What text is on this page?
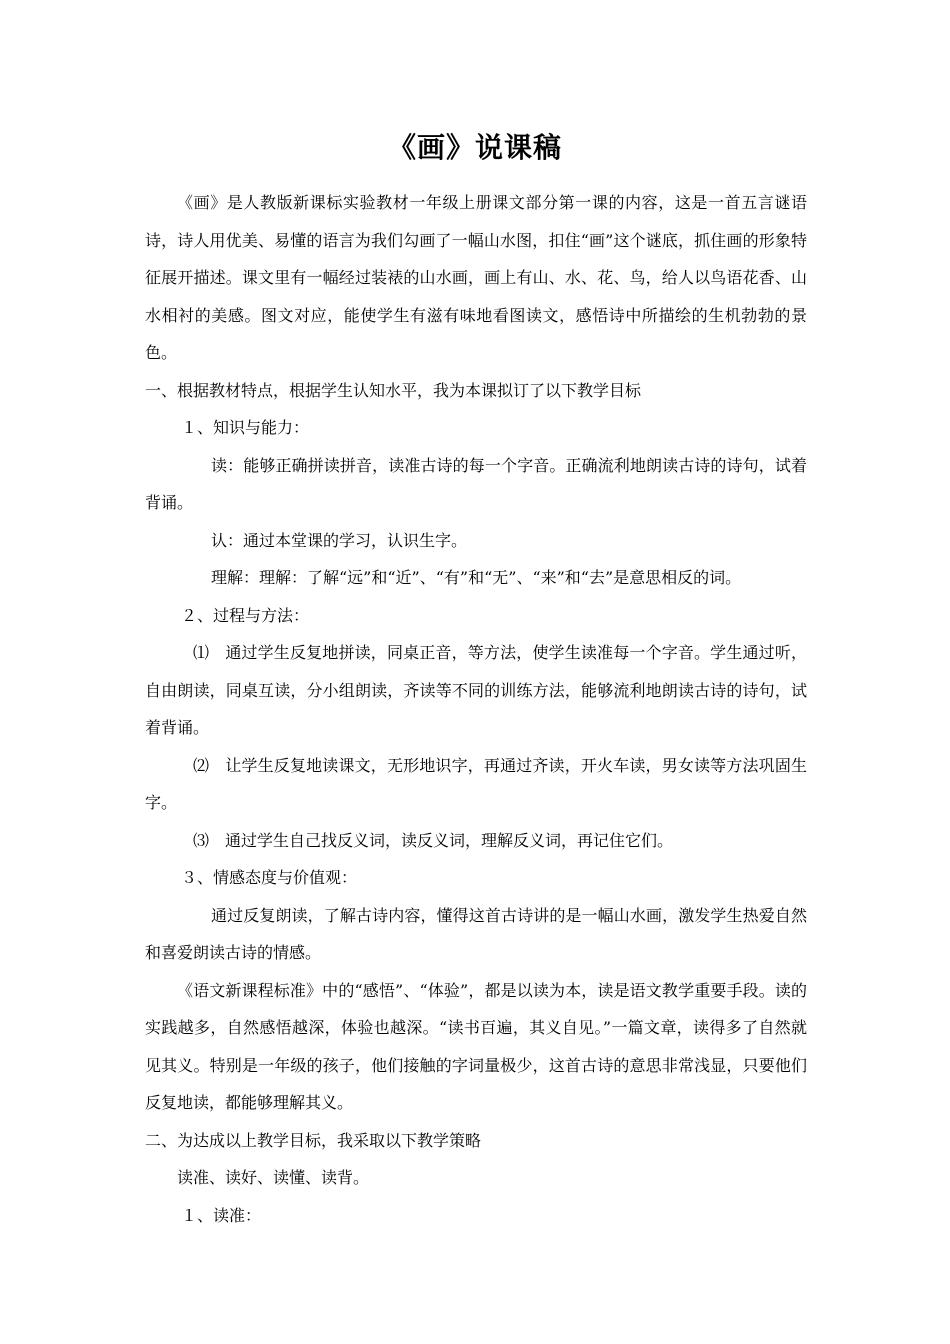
《画》说课稿

《画》是人教版新课标实验教材一年级上册课文部分第一课的内容，这是一首五言谜语诗，诗人用优美、易懂的语言为我们勾画了一幅山水图，扣住“画”这个谜底，抓住画的形象特征展开描述。课文里有一幅经过装裱的山水画，画上有山、水、花、鸟，给人以鸟语花香、山水相衬的美感。图文对应，能使学生有滋有味地看图读文，感悟诗中所描绘的生机勃勃的景色。

一、根据教材特点，根据学生认知水平，我为本课拟订了以下教学目标

１、知识与能力：

读：能够正确拼读拼音，读准古诗的每一个字音。正确流利地朗读古诗的诗句，试着背诵。

认：通过本堂课的学习，认识生字。

理解：理解：了解“远”和“近”、“有”和“无”、“来”和“去”是意思相反的词。

２、过程与方法：

⑴　通过学生反复地拼读，同桌正音，等方法，使学生读准每一个字音。学生通过听，自由朗读，同桌互读，分小组朗读，齐读等不同的训练方法，能够流利地朗读古诗的诗句，试着背诵。

⑵　让学生反复地读课文，无形地识字，再通过齐读，开火车读，男女读等方法巩固生字。

⑶　通过学生自己找反义词，读反义词，理解反义词，再记住它们。

３、情感态度与价值观：

通过反复朗读，了解古诗内容，懂得这首古诗讲的是一幅山水画，激发学生热爱自然和喜爱朗读古诗的情感。

《语文新课程标准》中的“感悟”、“体验”，都是以读为本，读是语文教学重要手段。读的实践越多，自然感悟越深，体验也越深。“读书百遍，其义自见。”一篇文章，读得多了自然就见其义。特别是一年级的孩子，他们接触的字词量极少，这首古诗的意思非常浅显，只要他们反复地读，都能够理解其义。

二、为达成以上教学目标，我采取以下教学策略

读准、读好、读懂、读背。

１、读准：
